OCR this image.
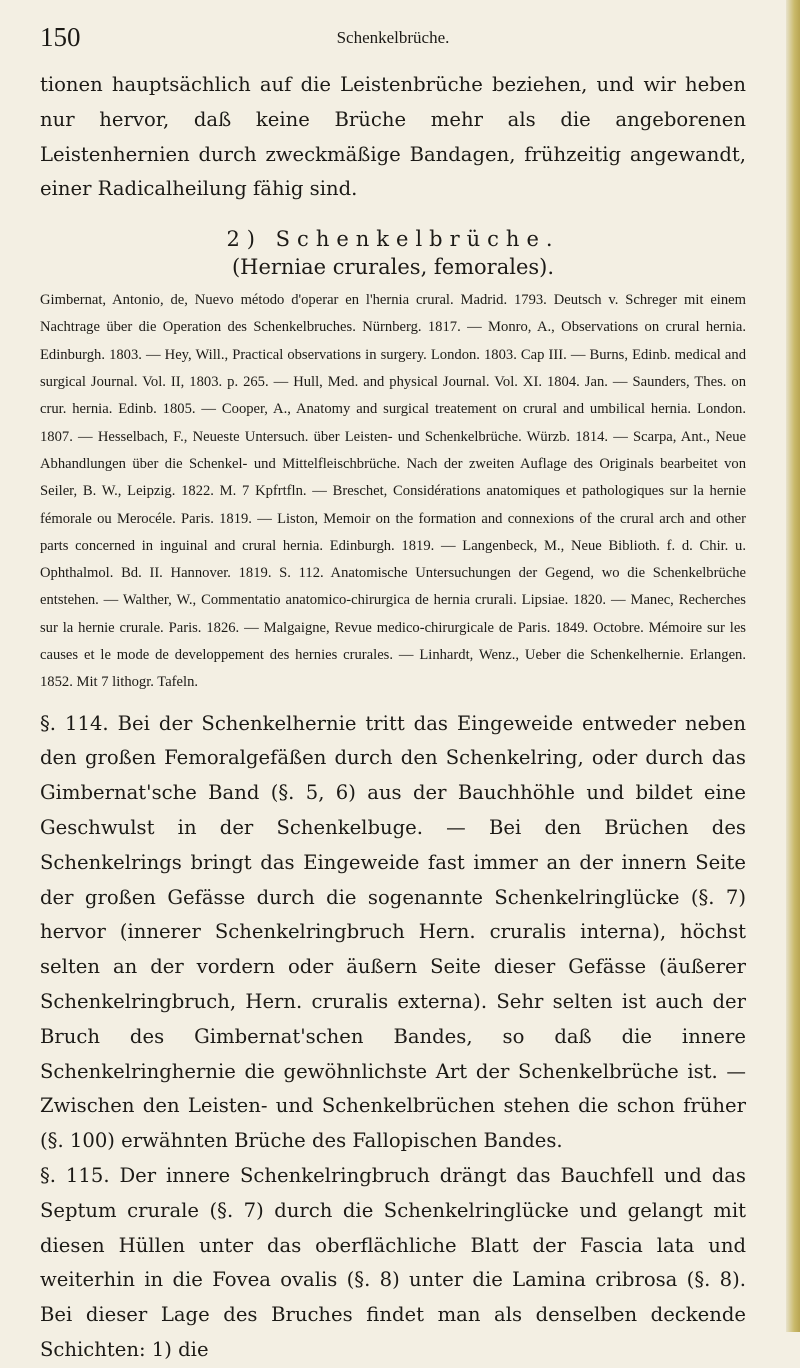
150	Schenkelbrüche.

tionen hauptsächlich auf die Leistenbrüche beziehen, und wir heben nur hervor, daß keine Brüche mehr als die angeborenen Leistenhernien durch zweckmäßige Bandagen, frühzeitig angewandt, einer Radicalheilung fähig sind.

2) Schenkelbrüche.
(Herniae crurales, femorales).

Gimbernat, Antonio, de, Nuevo método d'operar en l'hernia crural. Madrid. 1793. Deutsch v. Schreger mit einem Nachtrage über die Operation des Schenkelbruches. Nürnberg. 1817. — Monro, A., Observations on crural hernia. Edinburgh. 1803. — Hey, Will., Practical observations in surgery. London. 1803. Cap III. — Burns, Edinb. medical and surgical Journal. Vol. II, 1803. p. 265. — Hull, Med. and physical Journal. Vol. XI. 1804. Jan. — Saunders, Thes. on crur. hernia. Edinb. 1805. — Cooper, A., Anatomy and surgical treatement on crural and umbilical hernia. London. 1807. — Hesselbach, F., Neueste Untersuch. über Leisten- und Schenkelbrüche. Würzb. 1814. — Scarpa, Ant., Neue Abhandlungen über die Schenkel- und Mittelfleischbrüche. Nach der zweiten Auflage des Originals bearbeitet von Seiler, B. W., Leipzig. 1822. M. 7 Kpfrtfln. — Breschet, Considérations anatomiques et pathologiques sur la hernie fémorale ou Merocéle. Paris. 1819. — Liston, Memoir on the formation and connexions of the crural arch and other parts concerned in inguinal and crural hernia. Edinburgh. 1819. — Langenbeck, M., Neue Biblioth. f. d. Chir. u. Ophthalmol. Bd. II. Hannover. 1819. S. 112. Anatomische Untersuchungen der Gegend, wo die Schenkelbrüche entstehen. — Walther, W., Commentatio anatomico-chirurgica de hernia crurali. Lipsiae. 1820. — Manec, Recherches sur la hernie crurale. Paris. 1826. — Malgaigne, Revue medico-chirurgicale de Paris. 1849. Octobre. Mémoire sur les causes et le mode de developpement des hernies crurales. — Linhardt, Wenz., Ueber die Schenkelhernie. Erlangen. 1852. Mit 7 lithogr. Tafeln.

§. 114. Bei der Schenkelhernie tritt das Eingeweide entweder neben den großen Femoralgefäßen durch den Schenkelring, oder durch das Gimbernat'sche Band (§. 5, 6) aus der Bauchhöhle und bildet eine Geschwulst in der Schenkelbuge. — Bei den Brüchen des Schenkelrings bringt das Eingeweide fast immer an der innern Seite der großen Gefässe durch die sogenannte Schenkelringlücke (§. 7) hervor (innerer Schenkelringbruch Hern. cruralis interna), höchst selten an der vordern oder äußern Seite dieser Gefässe (äußerer Schenkelringbruch, Hern. cruralis externa). Sehr selten ist auch der Bruch des Gimbernat'schen Bandes, so daß die innere Schenkelringhernie die gewöhnlichste Art der Schenkelbrüche ist. — Zwischen den Leisten- und Schenkelbrüchen stehen die schon früher (§. 100) erwähnten Brüche des Fallopischen Bandes.

§. 115. Der innere Schenkelringbruch drängt das Bauchfell und das Septum crurale (§. 7) durch die Schenkelringlücke und gelangt mit diesen Hüllen unter das oberflächliche Blatt der Fascia lata und weiterhin in die Fovea ovalis (§. 8) unter die Lamina cribrosa (§. 8). Bei dieser Lage des Bruches findet man als denselben deckende Schichten: 1) die
